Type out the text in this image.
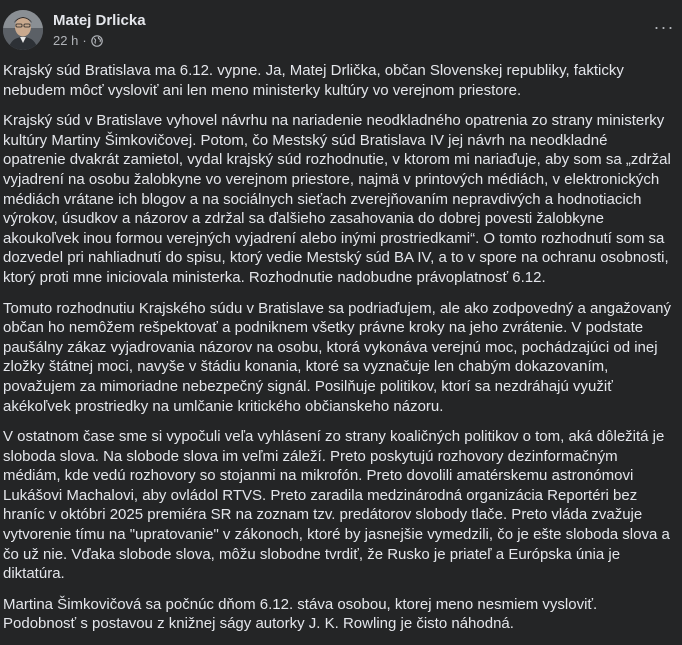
Matej Drlicka
22 h ·
···

Krajský súd Bratislava ma 6.12. vypne. Ja, Matej Drlička, občan Slovenskej republiky, fakticky nebudem môcť vysloviť ani len meno ministerky kultúry vo verejnom priestore.

Krajský súd v Bratislave vyhovel návrhu na nariadenie neodkladného opatrenia zo strany ministerky kultúry Martiny Šimkovičovej. Potom, čo Mestský súd Bratislava IV jej návrh na neodkladné opatrenie dvakrát zamietol, vydal krajský súd rozhodnutie, v ktorom mi nariaďuje, aby som sa „zdržal vyjadrení na osobu žalobkyne vo verejnom priestore, najmä v printových médiách, v elektronických médiách vrátane ich blogov a na sociálnych sieťach zverejňovaním nepravdivých a hodnotiacich výrokov, úsudkov a názorov a zdržal sa ďalšieho zasahovania do dobrej povesti žalobkyne akoukoľvek inou formou verejných vyjadrení alebo inými prostriedkami“. O tomto rozhodnutí som sa dozvedel pri nahliadnutí do spisu, ktorý vedie Mestský súd BA IV, a to v spore na ochranu osobnosti, ktorý proti mne iniciovala ministerka. Rozhodnutie nadobudne právoplatnosť 6.12.

Tomuto rozhodnutiu Krajského súdu v Bratislave sa podriaďujem, ale ako zodpovedný a angažovaný občan ho nemôžem rešpektovať a podniknem všetky právne kroky na jeho zvrátenie. V podstate paušálny zákaz vyjadrovania názorov na osobu, ktorá vykonáva verejnú moc, pochádzajúci od inej zložky štátnej moci, navyše v štádiu konania, ktoré sa vyznačuje len chabým dokazovaním, považujem za mimoriadne nebezpečný signál. Posilňuje politikov, ktorí sa nezdráhajú využiť akékoľvek prostriedky na umlčanie kritického občianskeho názoru.

V ostatnom čase sme si vypočuli veľa vyhlásení zo strany koaličných politikov o tom, aká dôležitá je sloboda slova. Na slobode slova im veľmi záleží. Preto poskytujú rozhovory dezinformačným médiám, kde vedú rozhovory so stojanmi na mikrofón. Preto dovolili amatérskemu astronómovi Lukášovi Machalovi, aby ovládol RTVS. Preto zaradila medzinárodná organizácia Reportéri bez hraníc v októbri 2025 premiéra SR na zoznam tzv. predátorov slobody tlače. Preto vláda zvažuje vytvorenie tímu na "upratovanie" v zákonoch, ktoré by jasnejšie vymedzili, čo je ešte sloboda slova a čo už nie. Vďaka slobode slova, môžu slobodne tvrdiť, že Rusko je priateľ a Európska únia je diktatúra.

Martina Šimkovičová sa počnúc dňom 6.12. stáva osobou, ktorej meno nesmiem vysloviť. Podobnosť s postavou z knižnej ságy autorky J. K. Rowling je čisto náhodná.
